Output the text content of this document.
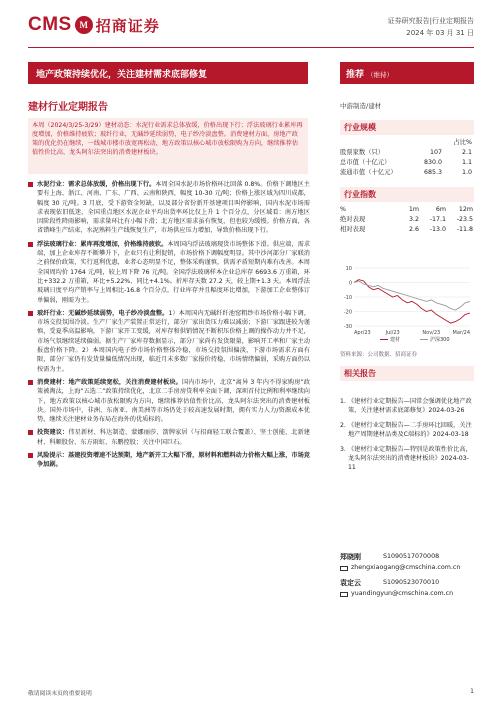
CMS M 招商证券	证券研究报告|行业定期报告
2024 年 03 月 31 日
地产政策持续优化，关注建材需求底部修复	推荐 （维持）
建材行业定期报告	中游制造/建材
本周（2024/3/25-3/29）建材动态：水泥行业需求总体放缓，价格出现下行；浮法玻璃行业累库再度增加，价格维持疲软；玻纤行业，无碱纱延续弱势，电子纱冷淡盘整。消费建材方面，房地产政策的优化仍在继续，一线城市楼市放宽再松动，地方政策以核心城市放松限购为方向，继续推荐估值性价比高、龙头阿尔法突出的消费建材板块。
水泥行业：需求总体放缓，价格出现下行。本周全国水泥市场价格环比回落 0.8%。价格下调地区主要有上海、浙江、河南、广东、广西、云南和陕西，幅度 10-30 元/吨；价格上涨区域为四川成都，幅度 30 元/吨。3 月底，受下游资金短缺，以及部分省份新开基建项目叫停影响，国内水泥市场需求表现依旧低迷，全国重点地区水泥企业平均出货率环比仅上升 1 个百分点，分区域看：南方地区因阶段性降雨影响，需求量环比有小幅下滑；北方地区需求虽有恢复，但也较为缓慢。价格方面，各省错峰生产结束，水泥熟料生产线恢复生产，市场供应压力增加，导致价格出现下行。
浮法玻璃行业：累库再度增加，价格维持疲软。本周国内浮法玻璃现货市场整体下滑。供应端，需求端，加上企业库存不断攀升下，企业只有让利促销，市场价格下调幅度明显。其中沙河部分厂家联消之前保价政策，实行返利优惠，业者心态明显不足，整体采购谨慎，供需矛盾短期内难有改善。本周全国周均价 1764 元/吨，较上周下降 76 元/吨。全国浮法玻璃样本企业总库存 6693.6 万重箱，环比+332.2 万重箱，环比+5.22%，同比+4.1%。折库存天数 27.2 天，较上期+1.3 天。本周浮法玻璃日度平均产销率与上周相比-16.8 个百分点，行业库存并且幅度环比增加，下游加工企业整体订单偏弱，刚需为主。
玻纤行业：无碱纱延续弱势，电子纱冷淡盘整。1）本周国内无碱纤纤池窑粗纱市场价格小幅下调，市场交投氛围冷淡。生产厂家生产装置正常运行，部分厂家出货压力难以减弱；下游厂家跟进较为谨慎，受夏季高温影响，下游厂家开工变缓，对库存和供销情况不断积压价格上调的操作动力并不足，市场气氛继续延续偏弱。据生产厂家库存数据显示，部分厂家尚有发货限量，影响开工率和厂家主动报盘价格下降。2）本周国内电子纱市场价格整体冷稳，市场交投氛围偏淡，下游市场需求方面有限，部分厂家仍有发货量偏低情况出现，临近月末多数厂家报价持稳，市场情绪偏弱，采购方面仍以按需为主。
消费建材：地产政策延续宽松，关注消费建材板块。国内市场中，北京“离异 3 年内不得家购房”政策被淘汰，上海“五选二”政策持续优化，北京二手房房贷利率全面下调，深圳首付比例和利率继续向下，地方政策以核心城市放松限购为方向，继续推荐估值性价比高、龙头阿尔法突出的消费建材板块。国外市场中，非洲、东南亚、南美洲等市场仍处于较高速发展时期，拥有实力人力/资源成本优势，继续关注建材业务布局在海外的优质标的。
投资建议：伟星新材、科达制造、蒙娜丽莎、箭牌家居（与招商轻工联合覆盖）、坚士创能、北新建材、科顺股份、东方雨虹、东鹏控股；关注中国巨石。
风险提示：基建投资增速不达预期，地产新开工大幅下滑，原材料和燃料动力价格大幅上涨，市场竞争加剧。
行业规模
占比%
股票家数（只）	107	2.1
总市值（十亿元）	830.0	1.1
流通市值（十亿元）	685.3	1.0
行业指数
%	1m	6m	12m
绝对表现	3.2	-17.1	-23.5
相对表现	2.6	-13.0	-11.8
10
0
-10
-20
-30
Apr/23	Jul/23	Nov/23 Mar/24
建材	沪深300
资料来源：公司数据、招商证券
相关报告
1. 《建材行业定期报告—国常会强调优化地产政策，关注建材需求底部修复》2024-03-26
2. 《建材行业定期报告—二手房环比回暖，关注地产周期建材品类及C端标的》2024-03-18
3. 《建材行业定期报告—特别是政策性价比高，龙头阿尔法突出的消费建材板块》2024-03-11
郑晓刚	S1090517070008
zhengxiaogang@cmschina.com.cn
袁定云	S1090523070010
yuandingyun@cmschina.com.cn
敬请阅读末页的重要说明	1
